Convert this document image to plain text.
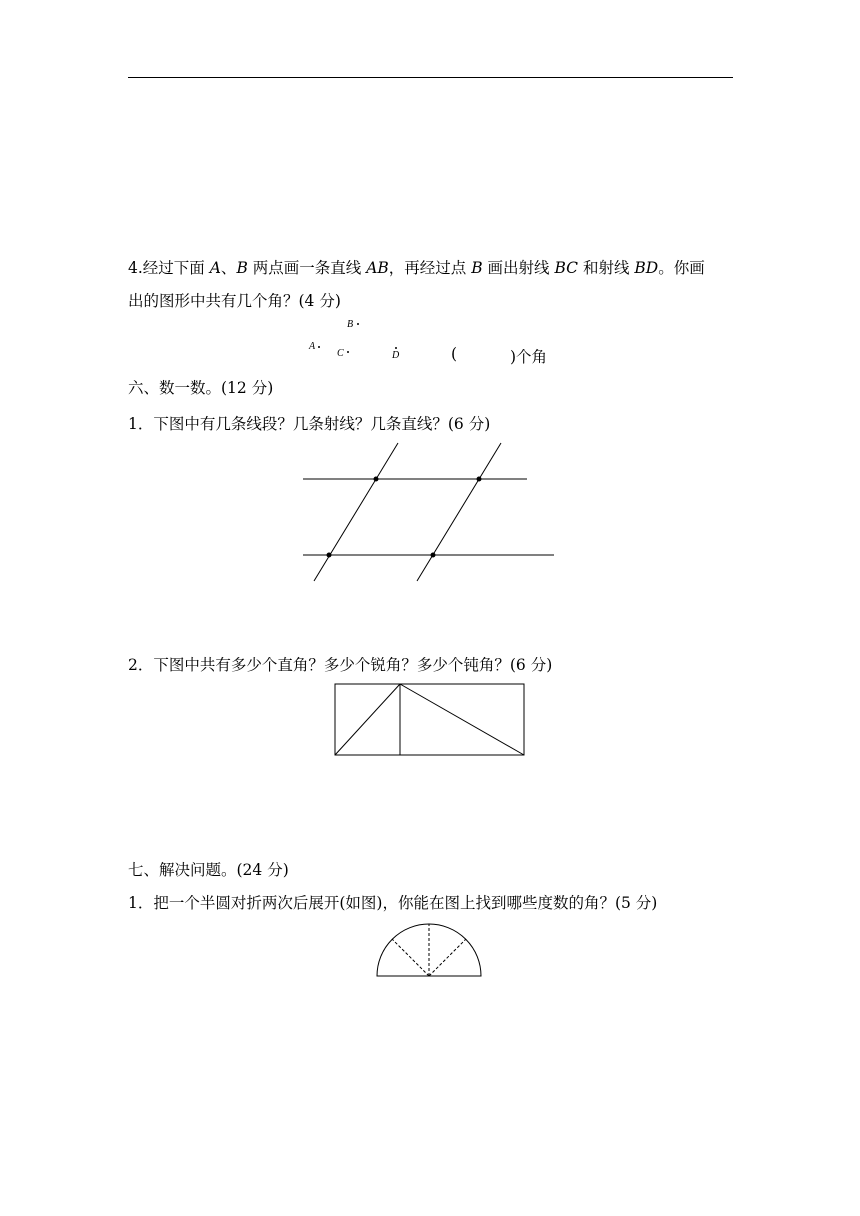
4.经过下面 A、B 两点画一条直线 AB，再经过点 B 画出射线 BC 和射线 BD。你画
出的图形中共有几个角？(4 分)
B
A
C	D	(	)个角
六、数一数。(12 分)
1．下图中有几条线段？几条射线？几条直线？(6 分)
2．下图中共有多少个直角？多少个锐角？多少个钝角？(6 分)
七、解决问题。(24 分)
1．把一个半圆对折两次后展开(如图)，你能在图上找到哪些度数的角？(5 分)
